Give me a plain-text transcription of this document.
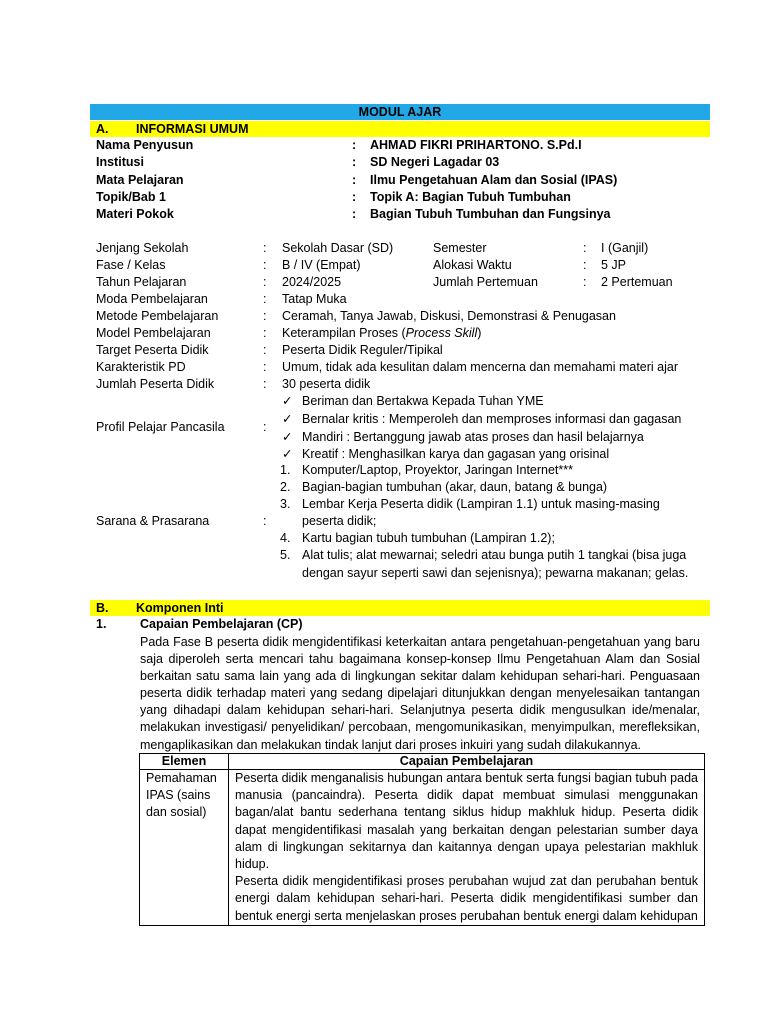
MODUL AJAR
A. INFORMASI UMUM
Nama Penyusun	: AHMAD FIKRI PRIHARTONO. S.Pd.I
Institusi	: SD Negeri Lagadar 03
Mata Pelajaran	: Ilmu Pengetahuan Alam dan Sosial (IPAS)
Topik/Bab 1	: Topik A: Bagian Tubuh Tumbuhan
Materi Pokok	: Bagian Tubuh Tumbuhan dan Fungsinya
Jenjang Sekolah	: Sekolah Dasar (SD)	Semester	: I (Ganjil)
Fase / Kelas	: B / IV (Empat)	Alokasi Waktu	: 5 JP
Tahun Pelajaran	: 2024/2025	Jumlah Pertemuan	: 2 Pertemuan
Moda Pembelajaran	: Tatap Muka
Metode Pembelajaran	: Ceramah, Tanya Jawab, Diskusi, Demonstrasi & Penugasan
Model Pembelajaran	: Keterampilan Proses (Process Skill)
Target Peserta Didik	: Peserta Didik Reguler/Tipikal
Karakteristik PD	: Umum, tidak ada kesulitan dalam mencerna dan memahami materi ajar
Jumlah Peserta Didik	: 30 peserta didik
Profil Pelajar Pancasila	:
✓ Beriman dan Bertakwa Kepada Tuhan YME
✓ Bernalar kritis : Memperoleh dan memproses informasi dan gagasan
✓ Mandiri : Bertanggung jawab atas proses dan hasil belajarnya
✓ Kreatif : Menghasilkan karya dan gagasan yang orisinal
Sarana & Prasarana	:
1. Komputer/Laptop, Proyektor, Jaringan Internet***
2. Bagian-bagian tumbuhan (akar, daun, batang & bunga)
3. Lembar Kerja Peserta didik (Lampiran 1.1) untuk masing-masing
peserta didik;
4. Kartu bagian tubuh tumbuhan (Lampiran 1.2);
5. Alat tulis; alat mewarnai; seledri atau bunga putih 1 tangkai (bisa juga
dengan sayur seperti sawi dan sejenisnya); pewarna makanan; gelas.
B. Komponen Inti
1.	Capaian Pembelajaran (CP)
Pada Fase B peserta didik mengidentifikasi keterkaitan antara pengetahuan-pengetahuan yang baru saja diperoleh serta mencari tahu bagaimana konsep-konsep Ilmu Pengetahuan Alam dan Sosial berkaitan satu sama lain yang ada di lingkungan sekitar dalam kehidupan sehari-hari. Penguasaan peserta didik terhadap materi yang sedang dipelajari ditunjukkan dengan menyelesaikan tantangan yang dihadapi dalam kehidupan sehari-hari. Selanjutnya peserta didik mengusulkan ide/menalar, melakukan investigasi/ penyelidikan/ percobaan, mengomunikasikan, menyimpulkan, merefleksikan, mengaplikasikan dan melakukan tindak lanjut dari proses inkuiri yang sudah dilakukannya.
Elemen	Capaian Pembelajaran
Pemahaman IPAS (sains dan sosial)	Peserta didik menganalisis hubungan antara bentuk serta fungsi bagian tubuh pada manusia (pancaindra). Peserta didik dapat membuat simulasi menggunakan bagan/alat bantu sederhana tentang siklus hidup makhluk hidup. Peserta didik dapat mengidentifikasi masalah yang berkaitan dengan pelestarian sumber daya alam di lingkungan sekitarnya dan kaitannya dengan upaya pelestarian makhluk hidup.
Peserta didik mengidentifikasi proses perubahan wujud zat dan perubahan bentuk energi dalam kehidupan sehari-hari. Peserta didik mengidentifikasi sumber dan bentuk energi serta menjelaskan proses perubahan bentuk energi dalam kehidupan
